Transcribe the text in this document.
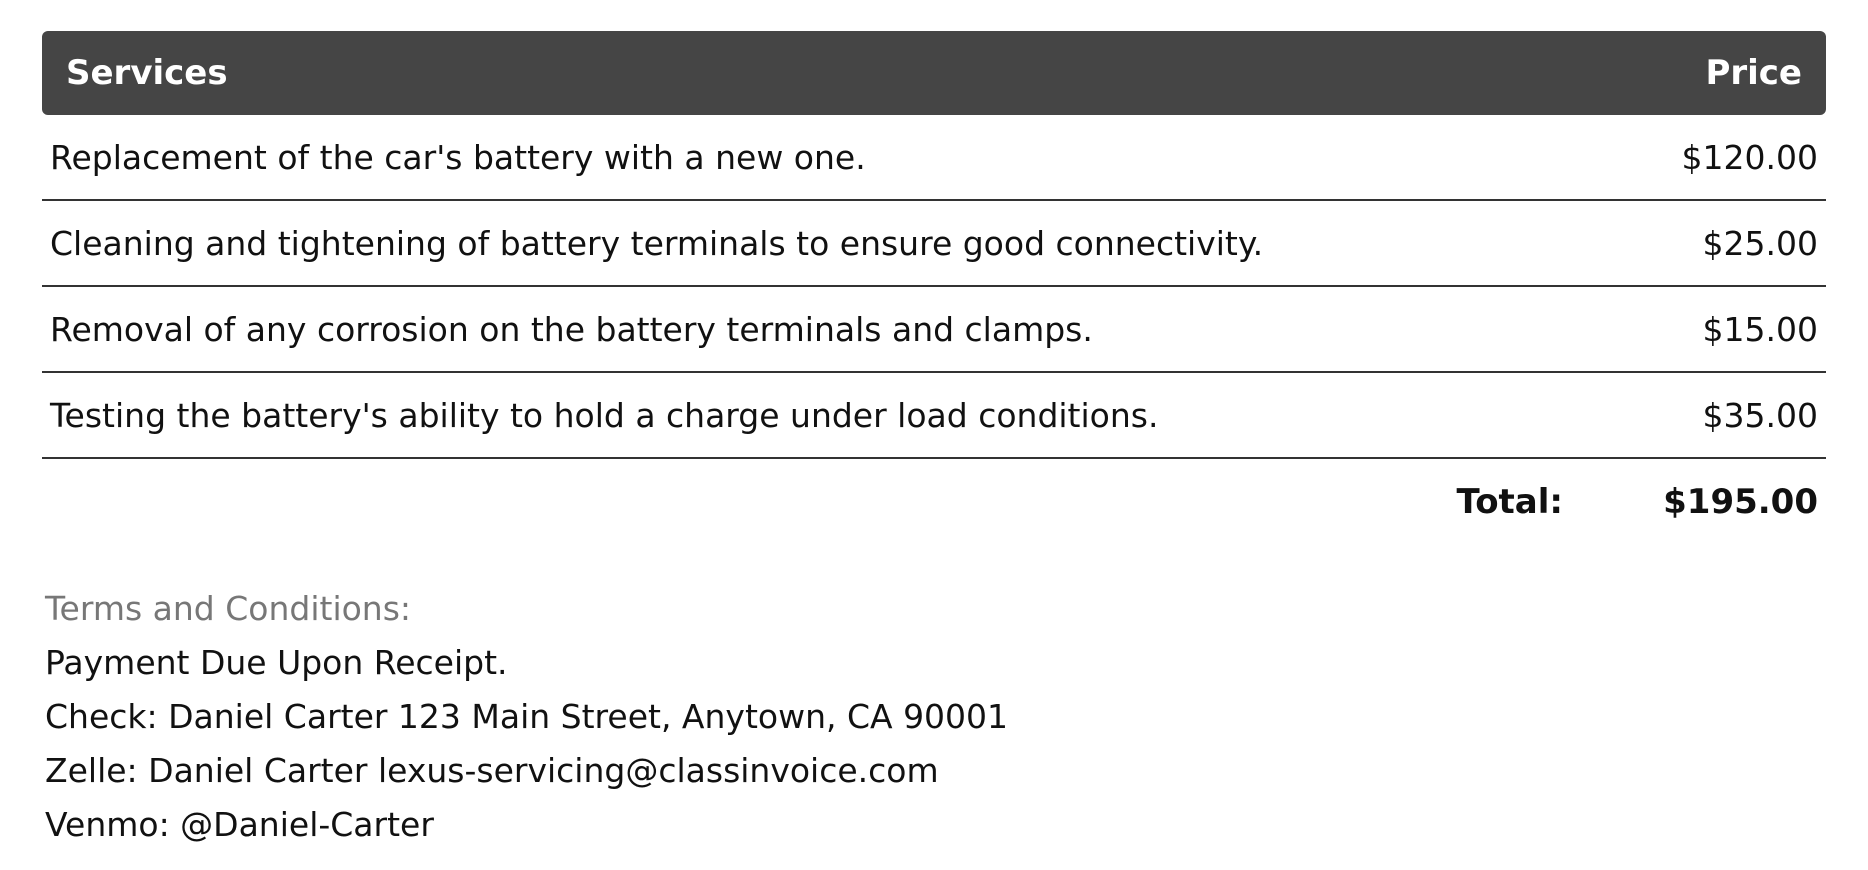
Services	Price
Replacement of the car's battery with a new one.	$120.00
Cleaning and tightening of battery terminals to ensure good connectivity.	$25.00
Removal of any corrosion on the battery terminals and clamps.	$15.00
Testing the battery's ability to hold a charge under load conditions.	$35.00
Total:	$195.00
Terms and Conditions:
Payment Due Upon Receipt.
Check: Daniel Carter 123 Main Street, Anytown, CA 90001
Zelle: Daniel Carter lexus-servicing@classinvoice.com
Venmo: @Daniel-Carter
